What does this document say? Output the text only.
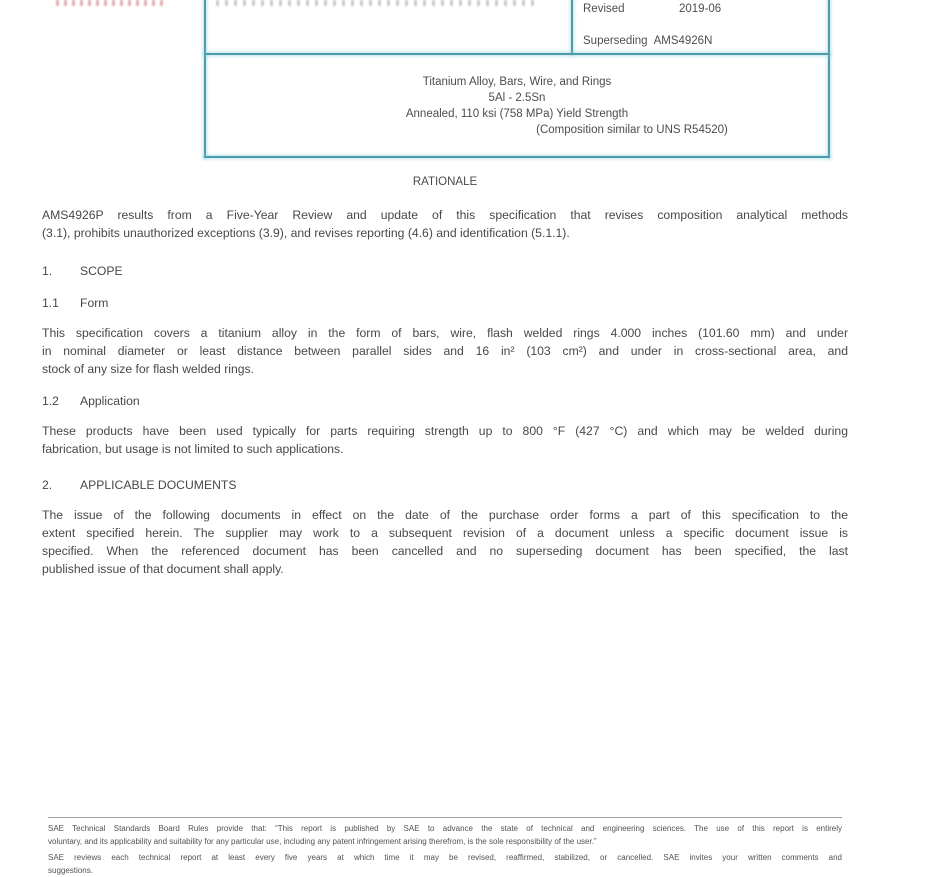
Revised	2019-06
Superseding AMS4926N
Titanium Alloy, Bars, Wire, and Rings
5Al - 2.5Sn
Annealed, 110 ksi (758 MPa) Yield Strength
(Composition similar to UNS R54520)
RATIONALE
AMS4926P results from a Five-Year Review and update of this specification that revises composition analytical methods
(3.1), prohibits unauthorized exceptions (3.9), and revises reporting (4.6) and identification (5.1.1).
1. SCOPE
1.1 Form
This specification covers a titanium alloy in the form of bars, wire, flash welded rings 4.000 inches (101.60 mm) and under
in nominal diameter or least distance between parallel sides and 16 in² (103 cm²) and under in cross-sectional area, and
stock of any size for flash welded rings.
1.2 Application
These products have been used typically for parts requiring strength up to 800 °F (427 °C) and which may be welded during
fabrication, but usage is not limited to such applications.
2. APPLICABLE DOCUMENTS
The issue of the following documents in effect on the date of the purchase order forms a part of this specification to the
extent specified herein. The supplier may work to a subsequent revision of a document unless a specific document issue is
specified. When the referenced document has been cancelled and no superseding document has been specified, the last
published issue of that document shall apply.
SAE Technical Standards Board Rules provide that: “This report is published by SAE to advance the state of technical and engineering sciences. The use of this report is entirely
voluntary, and its applicability and suitability for any particular use, including any patent infringement arising therefrom, is the sole responsibility of the user.”
SAE reviews each technical report at least every five years at which time it may be revised, reaffirmed, stabilized, or cancelled. SAE invites your written comments and
suggestions.
